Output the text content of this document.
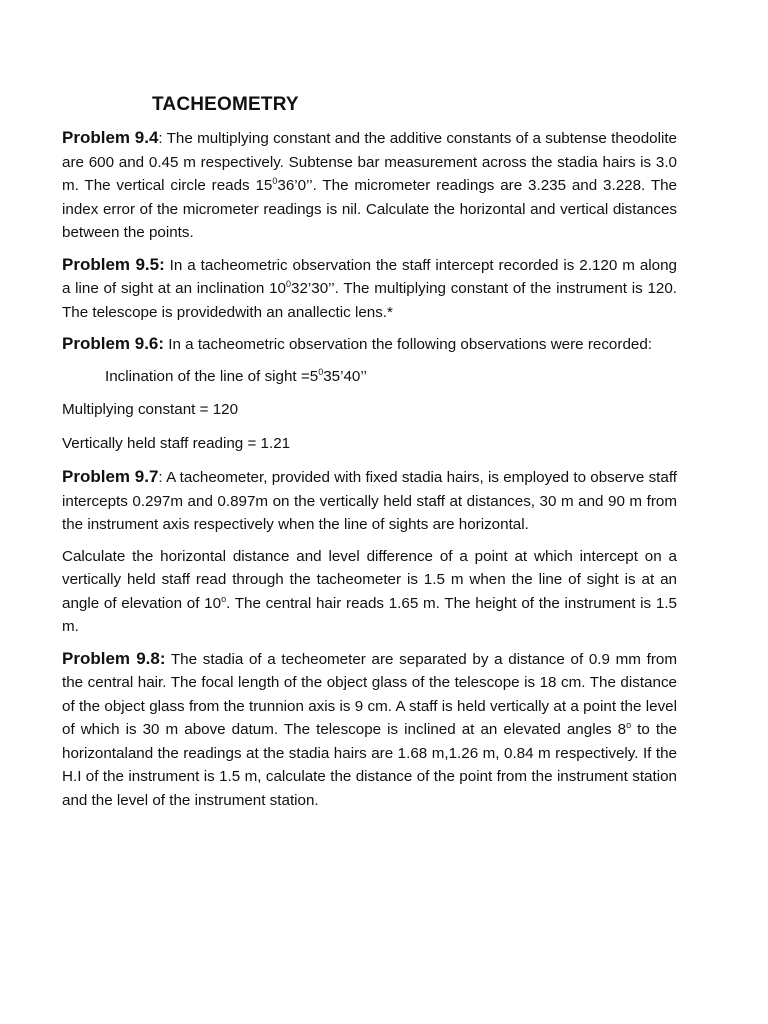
TACHEOMETRY

Problem 9.4: The multiplying constant and the additive constants of a subtense theodolite are 600 and 0.45 m respectively. Subtense bar measurement across the stadia hairs is 3.0 m. The vertical circle reads $15^036’0$’’. The micrometer readings are 3.235 and 3.228. The index error of the micrometer readings is nil. Calculate the horizontal and vertical distances between the points.

Problem 9.5: In a tacheometric observation the staff intercept recorded is 2.120 m along a line of sight at an inclination $10^032’30$’’. The multiplying constant of the instrument is 120. The telescope is providedwith an anallectic lens.*

Problem 9.6: In a tacheometric observation the following observations were recorded:

Inclination of the line of sight $=5^035’40$’’

Multiplying constant = 120

Vertically held staff reading = 1.21

Problem 9.7: A tacheometer, provided with fixed stadia hairs, is employed to observe staff intercepts 0.297m and 0.897m on the vertically held staff at distances, 30 m and 90 m from the instrument axis respectively when the line of sights are horizontal.

Calculate the horizontal distance and level difference of a point at which intercept on a vertically held staff read through the tacheometer is 1.5 m when the line of sight is at an angle of elevation of 10$^o$. The central hair reads 1.65 m. The height of the instrument is 1.5 m.

Problem 9.8: The stadia of a techeometer are separated by a distance of 0.9 mm from the central hair. The focal length of the object glass of the telescope is 18 cm. The distance of the object glass from the trunnion axis is 9 cm. A staff is held vertically at a point the level of which is 30 m above datum. The telescope is inclined at an elevated angles 8$^o$ to the horizontaland the readings at the stadia hairs are 1.68 m,1.26 m, 0.84 m respectively. If the H.I of the instrument is 1.5 m, calculate the distance of the point from the instrument station and the level of the instrument station.
